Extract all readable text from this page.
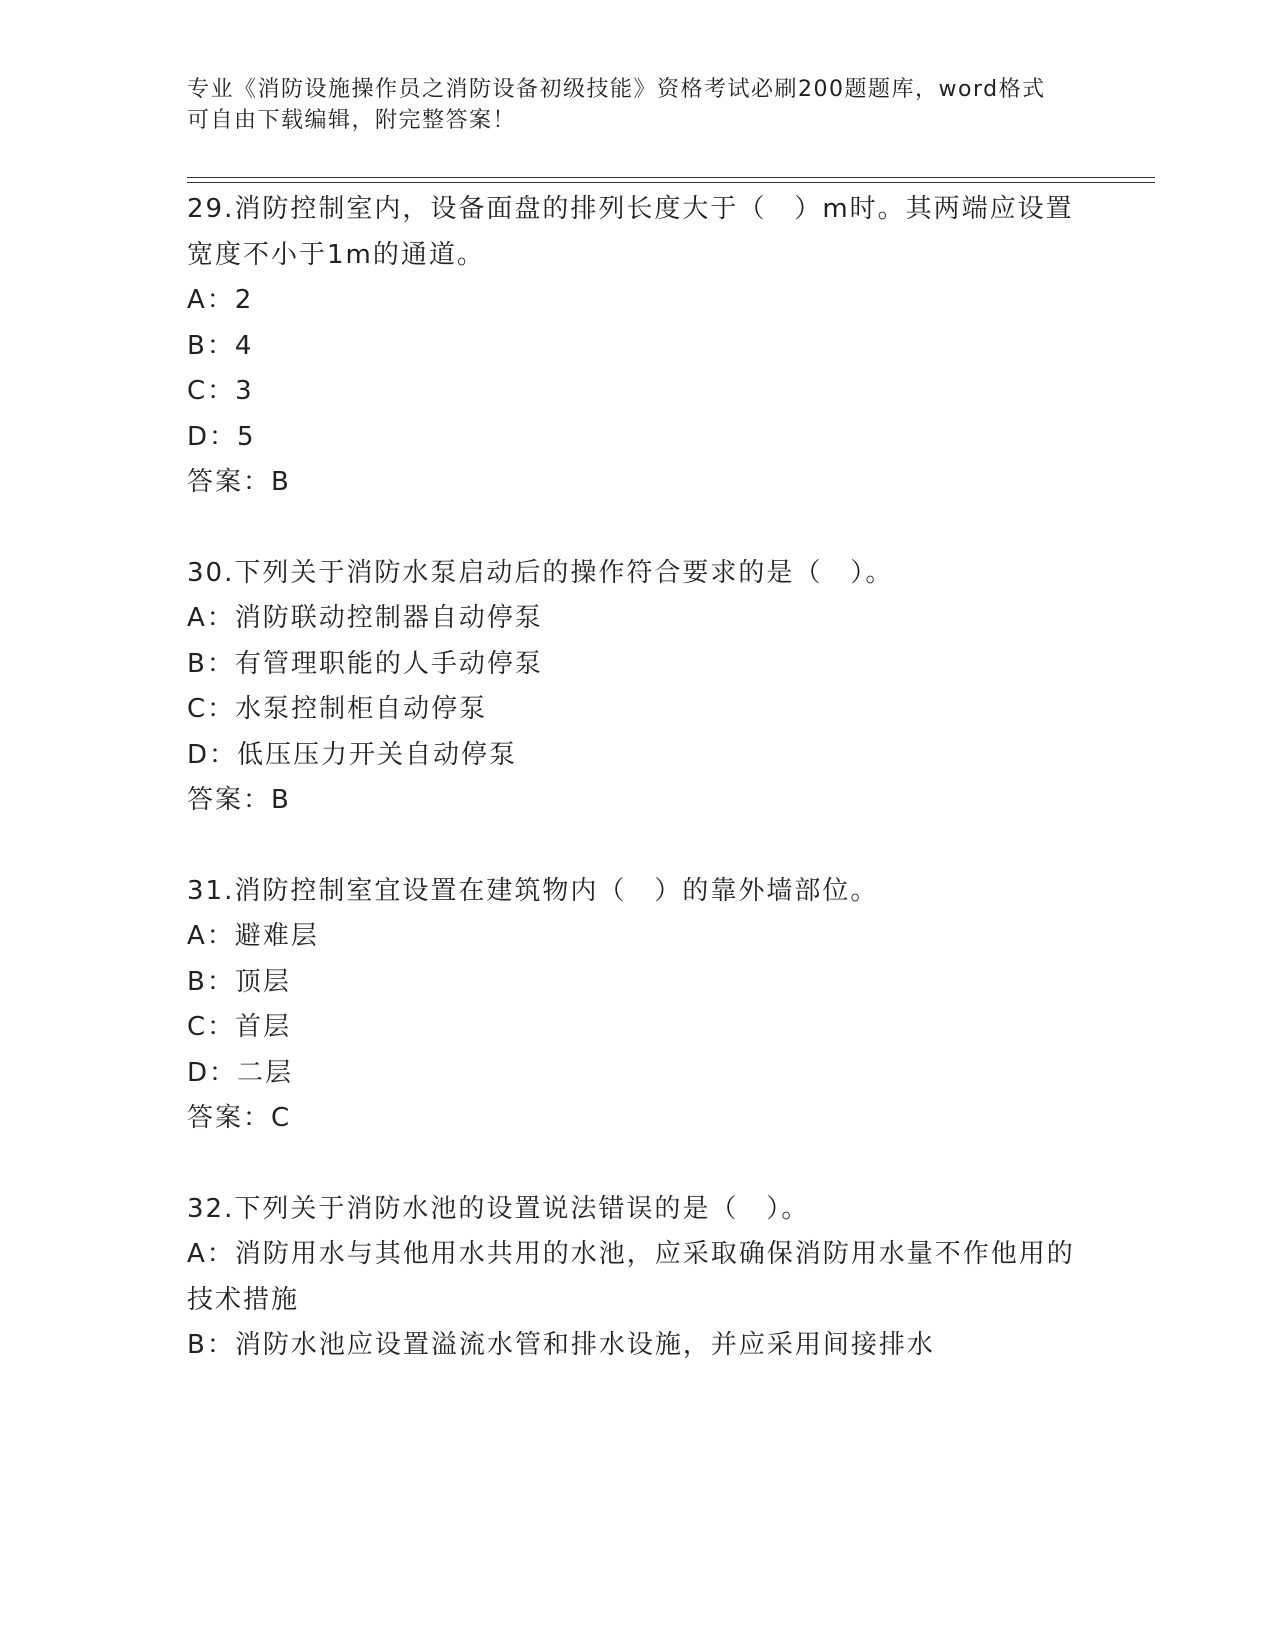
专业《消防设施操作员之消防设备初级技能》资格考试必刷200题题库，word格式可自由下载编辑，附完整答案！

29.消防控制室内，设备面盘的排列长度大于（　）m时。其两端应设置宽度不小于1m的通道。

A：2

B：4

C：3

D：5

答案：B

30.下列关于消防水泵启动后的操作符合要求的是（　）。

A：消防联动控制器自动停泵

B：有管理职能的人手动停泵

C：水泵控制柜自动停泵

D：低压压力开关自动停泵

答案：B

31.消防控制室宜设置在建筑物内（　）的靠外墙部位。

A：避难层

B：顶层

C：首层

D：二层

答案：C

32.下列关于消防水池的设置说法错误的是（　）。

A：消防用水与其他用水共用的水池，应采取确保消防用水量不作他用的技术措施

B：消防水池应设置溢流水管和排水设施，并应采用间接排水
